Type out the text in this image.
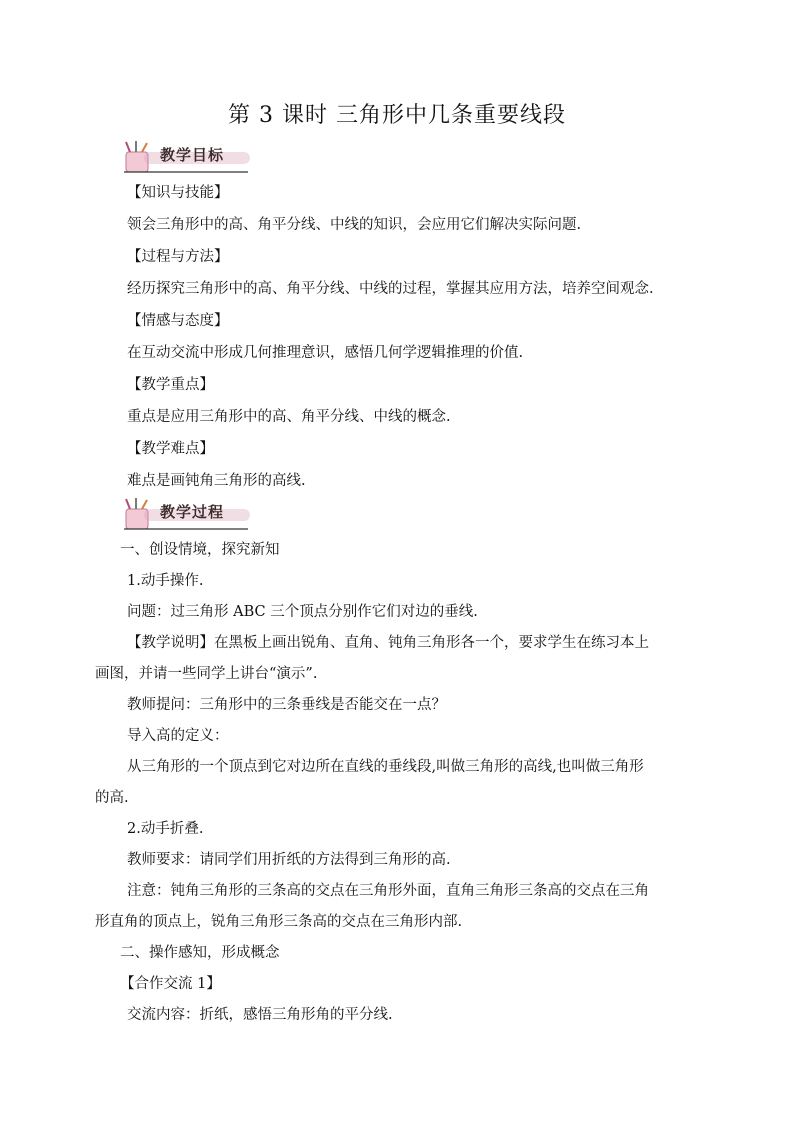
第 3 课时 三角形中几条重要线段
教学目标
【知识与技能】
领会三角形中的高、角平分线、中线的知识，会应用它们解决实际问题.
【过程与方法】
经历探究三角形中的高、角平分线、中线的过程，掌握其应用方法，培养空间观念.
【情感与态度】
在互动交流中形成几何推理意识，感悟几何学逻辑推理的价值.
【教学重点】
重点是应用三角形中的高、角平分线、中线的概念.
【教学难点】
难点是画钝角三角形的高线.
教学过程
一、创设情境，探究新知
1.动手操作.
问题：过三角形 ABC 三个顶点分别作它们对边的垂线.
【教学说明】在黑板上画出锐角、直角、钝角三角形各一个，要求学生在练习本上
画图，并请一些同学上讲台“演示”.
教师提问：三角形中的三条垂线是否能交在一点？
导入高的定义：
从三角形的一个顶点到它对边所在直线的垂线段,叫做三角形的高线,也叫做三角形
的高.
2.动手折叠.
教师要求：请同学们用折纸的方法得到三角形的高.
注意：钝角三角形的三条高的交点在三角形外面，直角三角形三条高的交点在三角
形直角的顶点上，锐角三角形三条高的交点在三角形内部.
二、操作感知，形成概念
【合作交流 1】
交流内容：折纸，感悟三角形角的平分线.
